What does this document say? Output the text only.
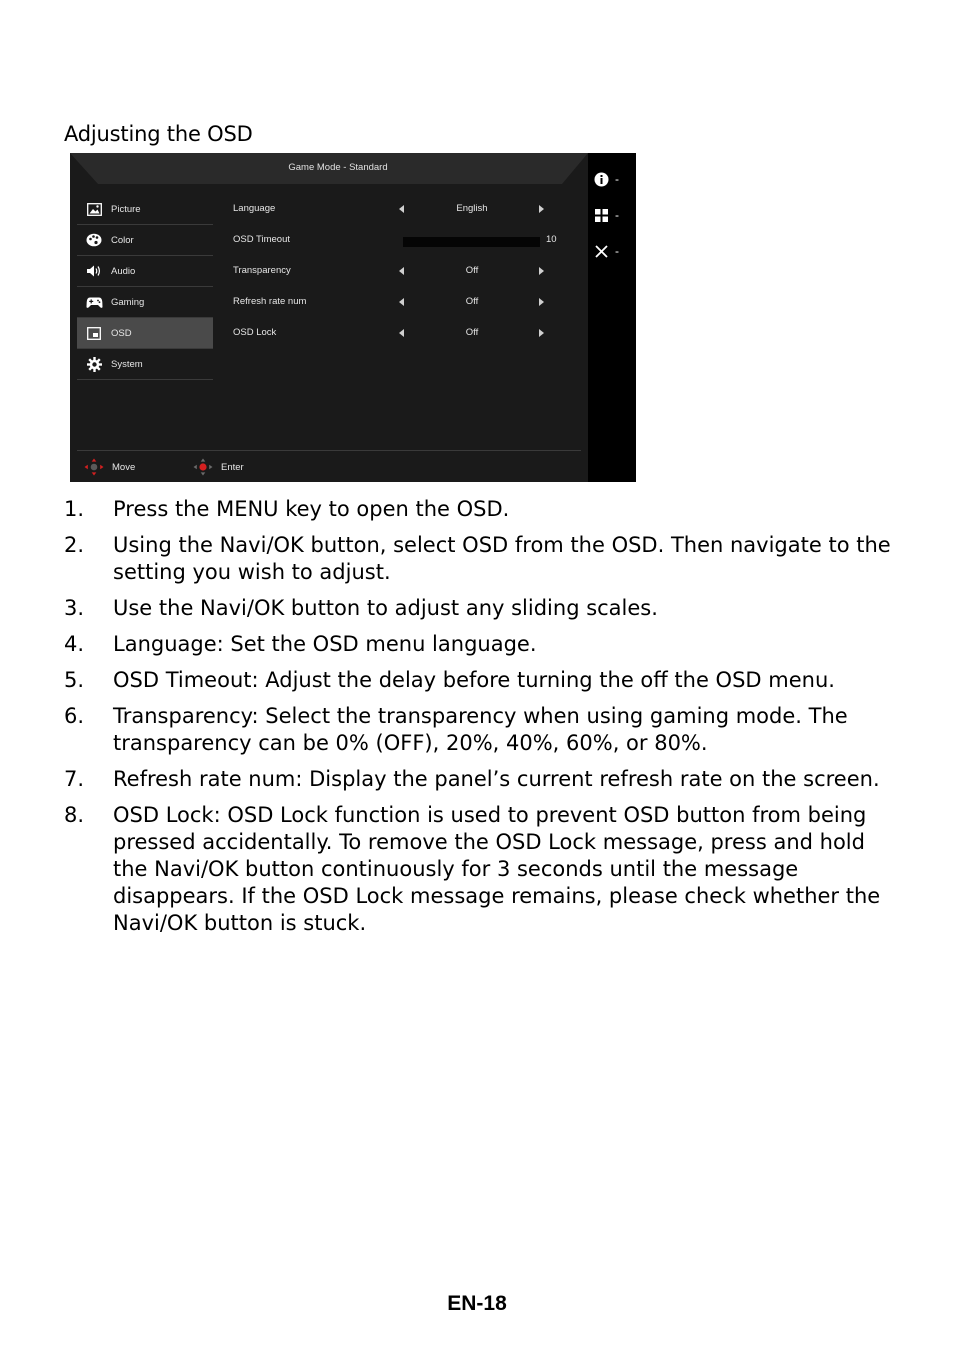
Adjusting the OSD
Game Mode - Standard
-
-
-
Picture
Color
Audio
Gaming
OSD
System
Language	English
OSD Timeout	10
Transparency	Off
Refresh rate num	Off
OSD Lock	Off
Move	Enter
1. Press the MENU key to open the OSD.
2. Using the Navi/OK button, select OSD from the OSD. Then navigate to the setting you wish to adjust.
3. Use the Navi/OK button to adjust any sliding scales.
4. Language: Set the OSD menu language.
5. OSD Timeout: Adjust the delay before turning the off the OSD menu.
6. Transparency: Select the transparency when using gaming mode. The transparency can be 0% (OFF), 20%, 40%, 60%, or 80%.
7. Refresh rate num: Display the panel’s current refresh rate on the screen.
8. OSD Lock: OSD Lock function is used to prevent OSD button from being pressed accidentally. To remove the OSD Lock message, press and hold the Navi/OK button continuously for 3 seconds until the message disappears. If the OSD Lock message remains, please check whether the Navi/OK button is stuck.
EN-18
